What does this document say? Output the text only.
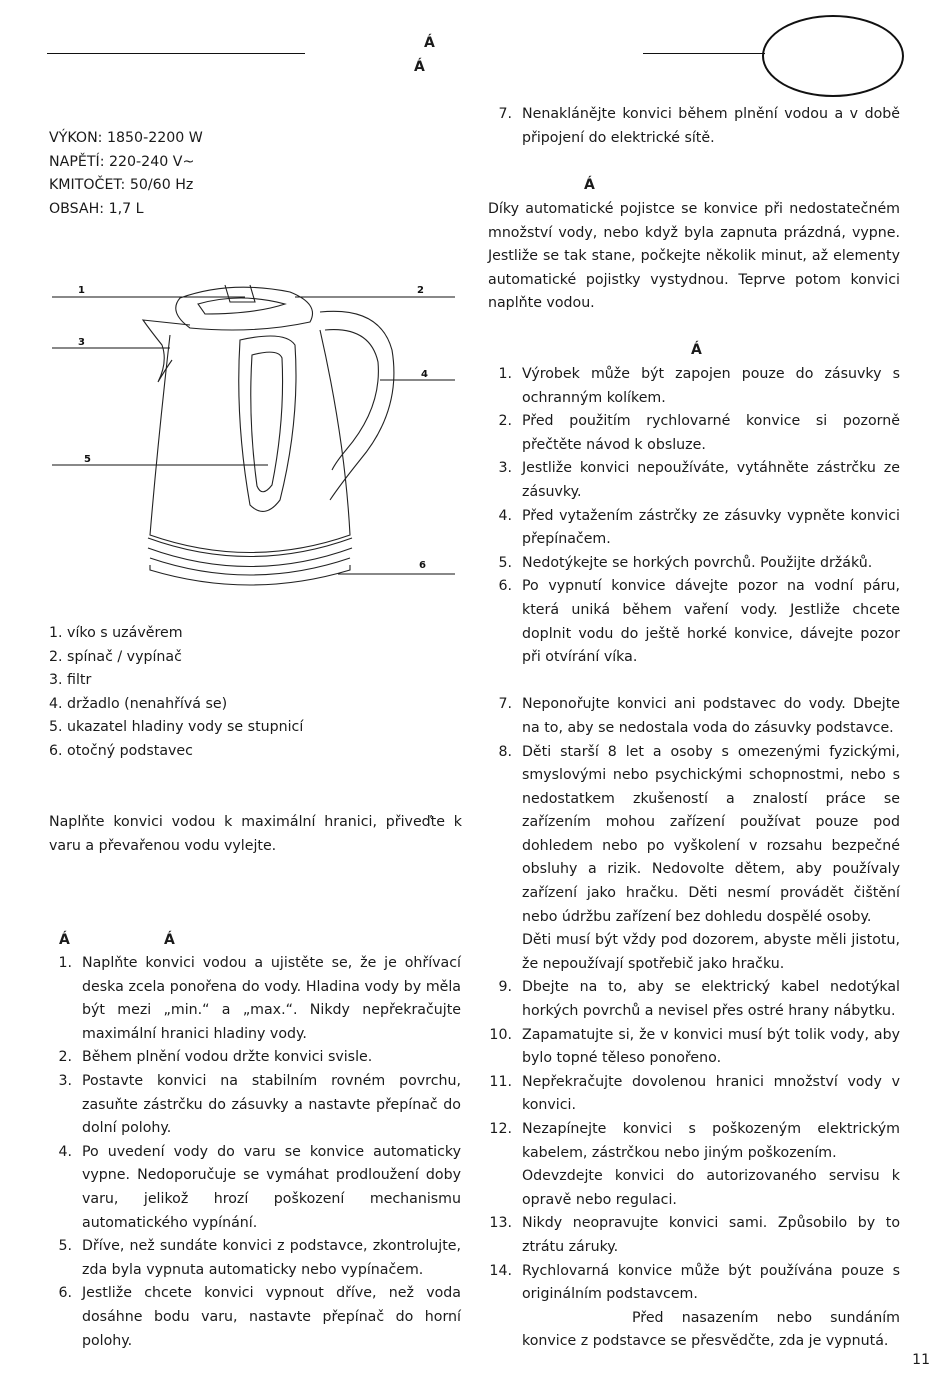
Á
Á
VÝKON: 1850-2200 W
NAPĚTÍ: 220-240 V~
KMITOČET: 50/60 Hz
OBSAH: 1,7 L
1	2
3
4
5
6
1. víko s uzávěrem
2. spínač / vypínač
3. filtr
4. držadlo (nenahřívá se)
5. ukazatel hladiny vody se stupnicí
6. otočný podstavec
Naplňte konvici vodou k maximální hranici, přiveďte k varu a převařenou vodu vylejte.
Á	Á
1. Naplňte konvici vodou a ujistěte se, že je ohřívací deska zcela ponořena do vody. Hladina vody by měla být mezi „min.“ a „max.“. Nikdy nepřekračujte maximální hranici hladiny vody.
2. Během plnění vodou držte konvici svisle.
3. Postavte konvici na stabilním rovném povrchu, zasuňte zástrčku do zásuvky a nastavte přepínač do dolní polohy.
4. Po uvedení vody do varu se konvice automaticky vypne. Nedoporučuje se vymáhat prodloužení doby varu, jelikož hrozí poškození mechanismu automatického vypínání.
5. Dříve, než sundáte konvici z podstavce, zkontrolujte, zda byla vypnuta automaticky nebo vypínačem.
6. Jestliže chcete konvici vypnout dříve, než voda dosáhne bodu varu, nastavte přepínač do horní polohy.
7. Nenaklánějte konvici během plnění vodou a v době připojení do elektrické sítě.
Á
Díky automatické pojistce se konvice při nedostatečném množství vody, nebo když byla zapnuta prázdná, vypne. Jestliže se tak stane, počkejte několik minut, až elementy automatické pojistky vystydnou. Teprve potom konvici naplňte vodou.
Á
1. Výrobek může být zapojen pouze do zásuvky s ochranným kolíkem.
2. Před použitím rychlovarné konvice si pozorně přečtěte návod k obsluze.
3. Jestliže konvici nepoužíváte, vytáhněte zástrčku ze zásuvky.
4. Před vytažením zástrčky ze zásuvky vypněte konvici přepínačem.
5. Nedotýkejte se horkých povrchů. Použijte držáků.
6. Po vypnutí konvice dávejte pozor na vodní páru, která uniká během vaření vody. Jestliže chcete doplnit vodu do ještě horké konvice, dávejte pozor při otvírání víka.
7. Neponořujte konvici ani podstavec do vody. Dbejte na to, aby se nedostala voda do zásuvky podstavce.
8. Děti starší 8 let a osoby s omezenými fyzickými, smyslovými nebo psychickými schopnostmi, nebo s nedostatkem zkušeností a znalostí práce se zařízením mohou zařízení používat pouze pod dohledem nebo po vyškolení v rozsahu bezpečné obsluhy a rizik. Nedovolte dětem, aby používaly zařízení jako hračku. Děti nesmí provádět čištění nebo údržbu zařízení bez dohledu dospělé osoby.
Děti musí být vždy pod dozorem, abyste měli jistotu, že nepoužívají spotřebič jako hračku.
9. Dbejte na to, aby se elektrický kabel nedotýkal horkých povrchů a nevisel přes ostré hrany nábytku.
10. Zapamatujte si, že v konvici musí být tolik vody, aby bylo topné těleso ponořeno.
11. Nepřekračujte dovolenou hranici množství vody v konvici.
12. Nezapínejte konvici s poškozeným elektrickým kabelem, zástrčkou nebo jiným poškozením.
Odevzdejte konvici do autorizovaného servisu k opravě nebo regulaci.
13. Nikdy neopravujte konvici sami. Způsobilo by to ztrátu záruky.
14. Rychlovarná konvice může být používána pouze s originálním podstavcem.
Před nasazením nebo sundáním konvice z podstavce se přesvědčte, zda je vypnutá.
11
